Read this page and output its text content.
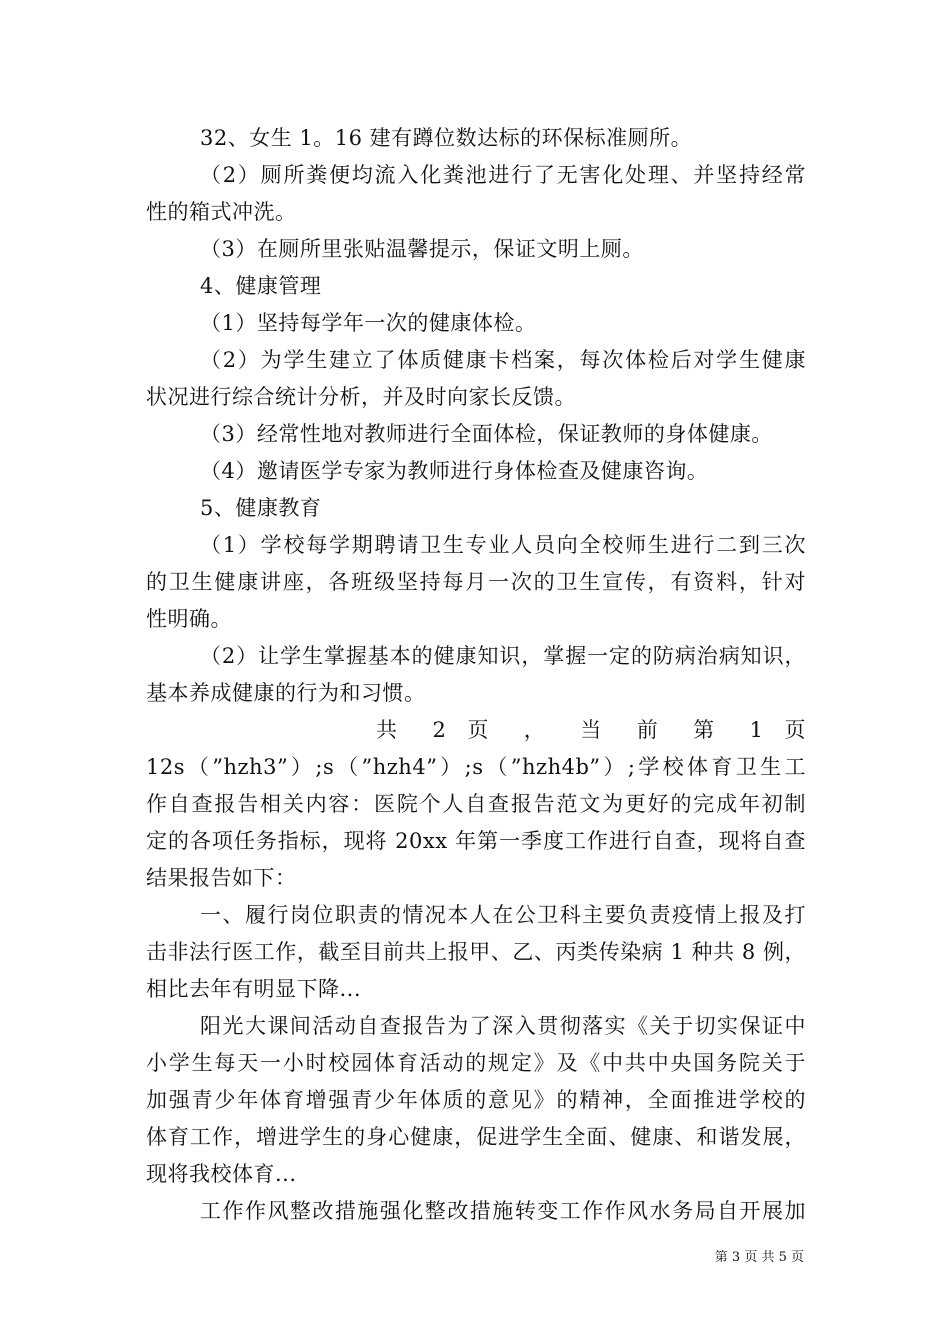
32、女生 1。16 建有蹲位数达标的环保标准厕所。
（2）厕所粪便均流入化粪池进行了无害化处理、并坚持经常
性的箱式冲洗。
（3）在厕所里张贴温馨提示，保证文明上厕。
4、健康管理
（1）坚持每学年一次的健康体检。
（2）为学生建立了体质健康卡档案，每次体检后对学生健康
状况进行综合统计分析，并及时向家长反馈。
（3）经常性地对教师进行全面体检，保证教师的身体健康。
（4）邀请医学专家为教师进行身体检查及健康咨询。
5、健康教育
（1）学校每学期聘请卫生专业人员向全校师生进行二到三次
的卫生健康讲座，各班级坚持每月一次的卫生宣传，有资料，针对
性明确。
（2）让学生掌握基本的健康知识，掌握一定的防病治病知识，
基本养成健康的行为和习惯。
共 2 页 ， 当 前 第 1 页
12s（”hzh3”）;s（”hzh4”）;s（”hzh4b”）;学校体育卫生工
作自查报告相关内容：医院个人自查报告范文为更好的完成年初制
定的各项任务指标，现将 20xx 年第一季度工作进行自查，现将自查
结果报告如下：
一、履行岗位职责的情况本人在公卫科主要负责疫情上报及打
击非法行医工作，截至目前共上报甲、乙、丙类传染病 1 种共 8 例，
相比去年有明显下降...
阳光大课间活动自查报告为了深入贯彻落实《关于切实保证中
小学生每天一小时校园体育活动的规定》及《中共中央国务院关于
加强青少年体育增强青少年体质的意见》的精神，全面推进学校的
体育工作，增进学生的身心健康，促进学生全面、健康、和谐发展，
现将我校体育...
工作作风整改措施强化整改措施转变工作作风水务局自开展加
第 3 页 共 5 页
